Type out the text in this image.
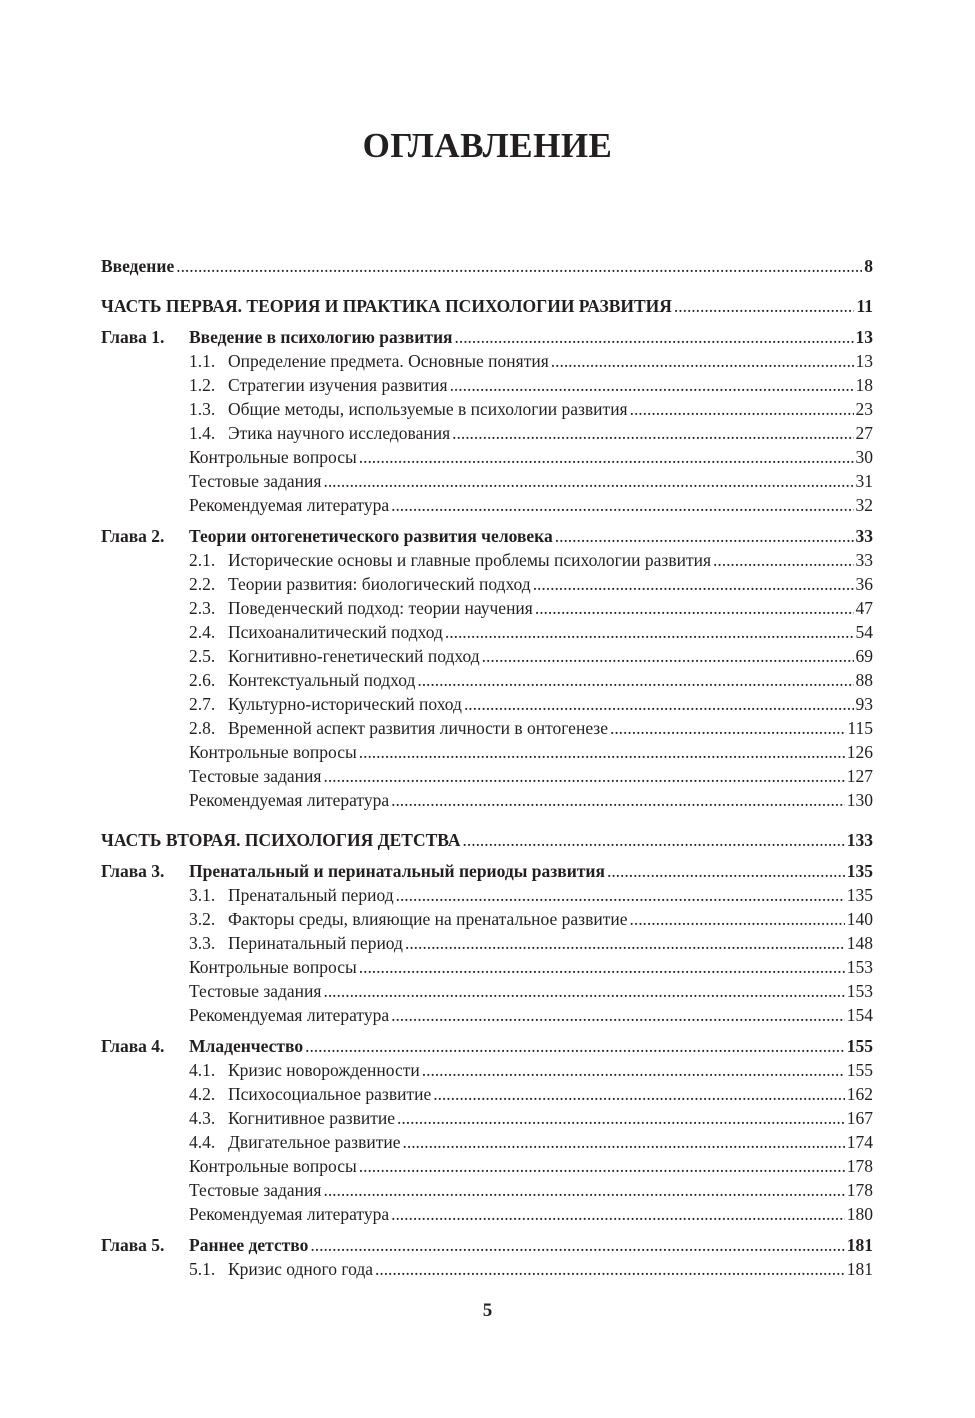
ОГЛАВЛЕНИЕ
Введение . . .	8
ЧАСТЬ ПЕРВАЯ. ТЕОРИЯ И ПРАКТИКА ПСИХОЛОГИИ РАЗВИТИЯ . . .	11
Глава 1.	Введение в психологию развития . . .	13
1.1. Определение предмета. Основные понятия . . .	13
1.2. Стратегии изучения развития . . .	18
1.3. Общие методы, используемые в психологии развития . . .	23
1.4. Этика научного исследования . . .	27
Контрольные вопросы . . .	30
Тестовые задания . . .	31
Рекомендуемая литература . . .	32
Глава 2.	Теории онтогенетического развития человека . . .	33
2.1. Исторические основы и главные проблемы психологии развития . . .	33
2.2. Теории развития: биологический подход . . .	36
2.3. Поведенческий подход: теории научения . . .	47
2.4. Психоаналитический подход . . .	54
2.5. Когнитивно-генетический подход . . .	69
2.6. Контекстуальный подход . . .	88
2.7. Культурно-исторический поход . . .	93
2.8. Временной аспект развития личности в онтогенезе . . .	115
Контрольные вопросы . . .	126
Тестовые задания . . .	127
Рекомендуемая литература . . .	130
ЧАСТЬ ВТОРАЯ. ПСИХОЛОГИЯ ДЕТСТВА . . .	133
Глава 3.	Пренатальный и перинатальный периоды развития . . .	135
3.1. Пренатальный период . . .	135
3.2. Факторы среды, влияющие на пренатальное развитие . . .	140
3.3. Перинатальный период . . .	148
Контрольные вопросы . . .	153
Тестовые задания . . .	153
Рекомендуемая литература . . .	154
Глава 4.	Младенчество . . .	155
4.1. Кризис новорожденности . . .	155
4.2. Психосоциальное развитие . . .	162
4.3. Когнитивное развитие . . .	167
4.4. Двигательное развитие . . .	174
Контрольные вопросы . . .	178
Тестовые задания . . .	178
Рекомендуемая литература . . .	180
Глава 5.	Раннее детство . . .	181
5.1. Кризис одного года . . .	181
5
